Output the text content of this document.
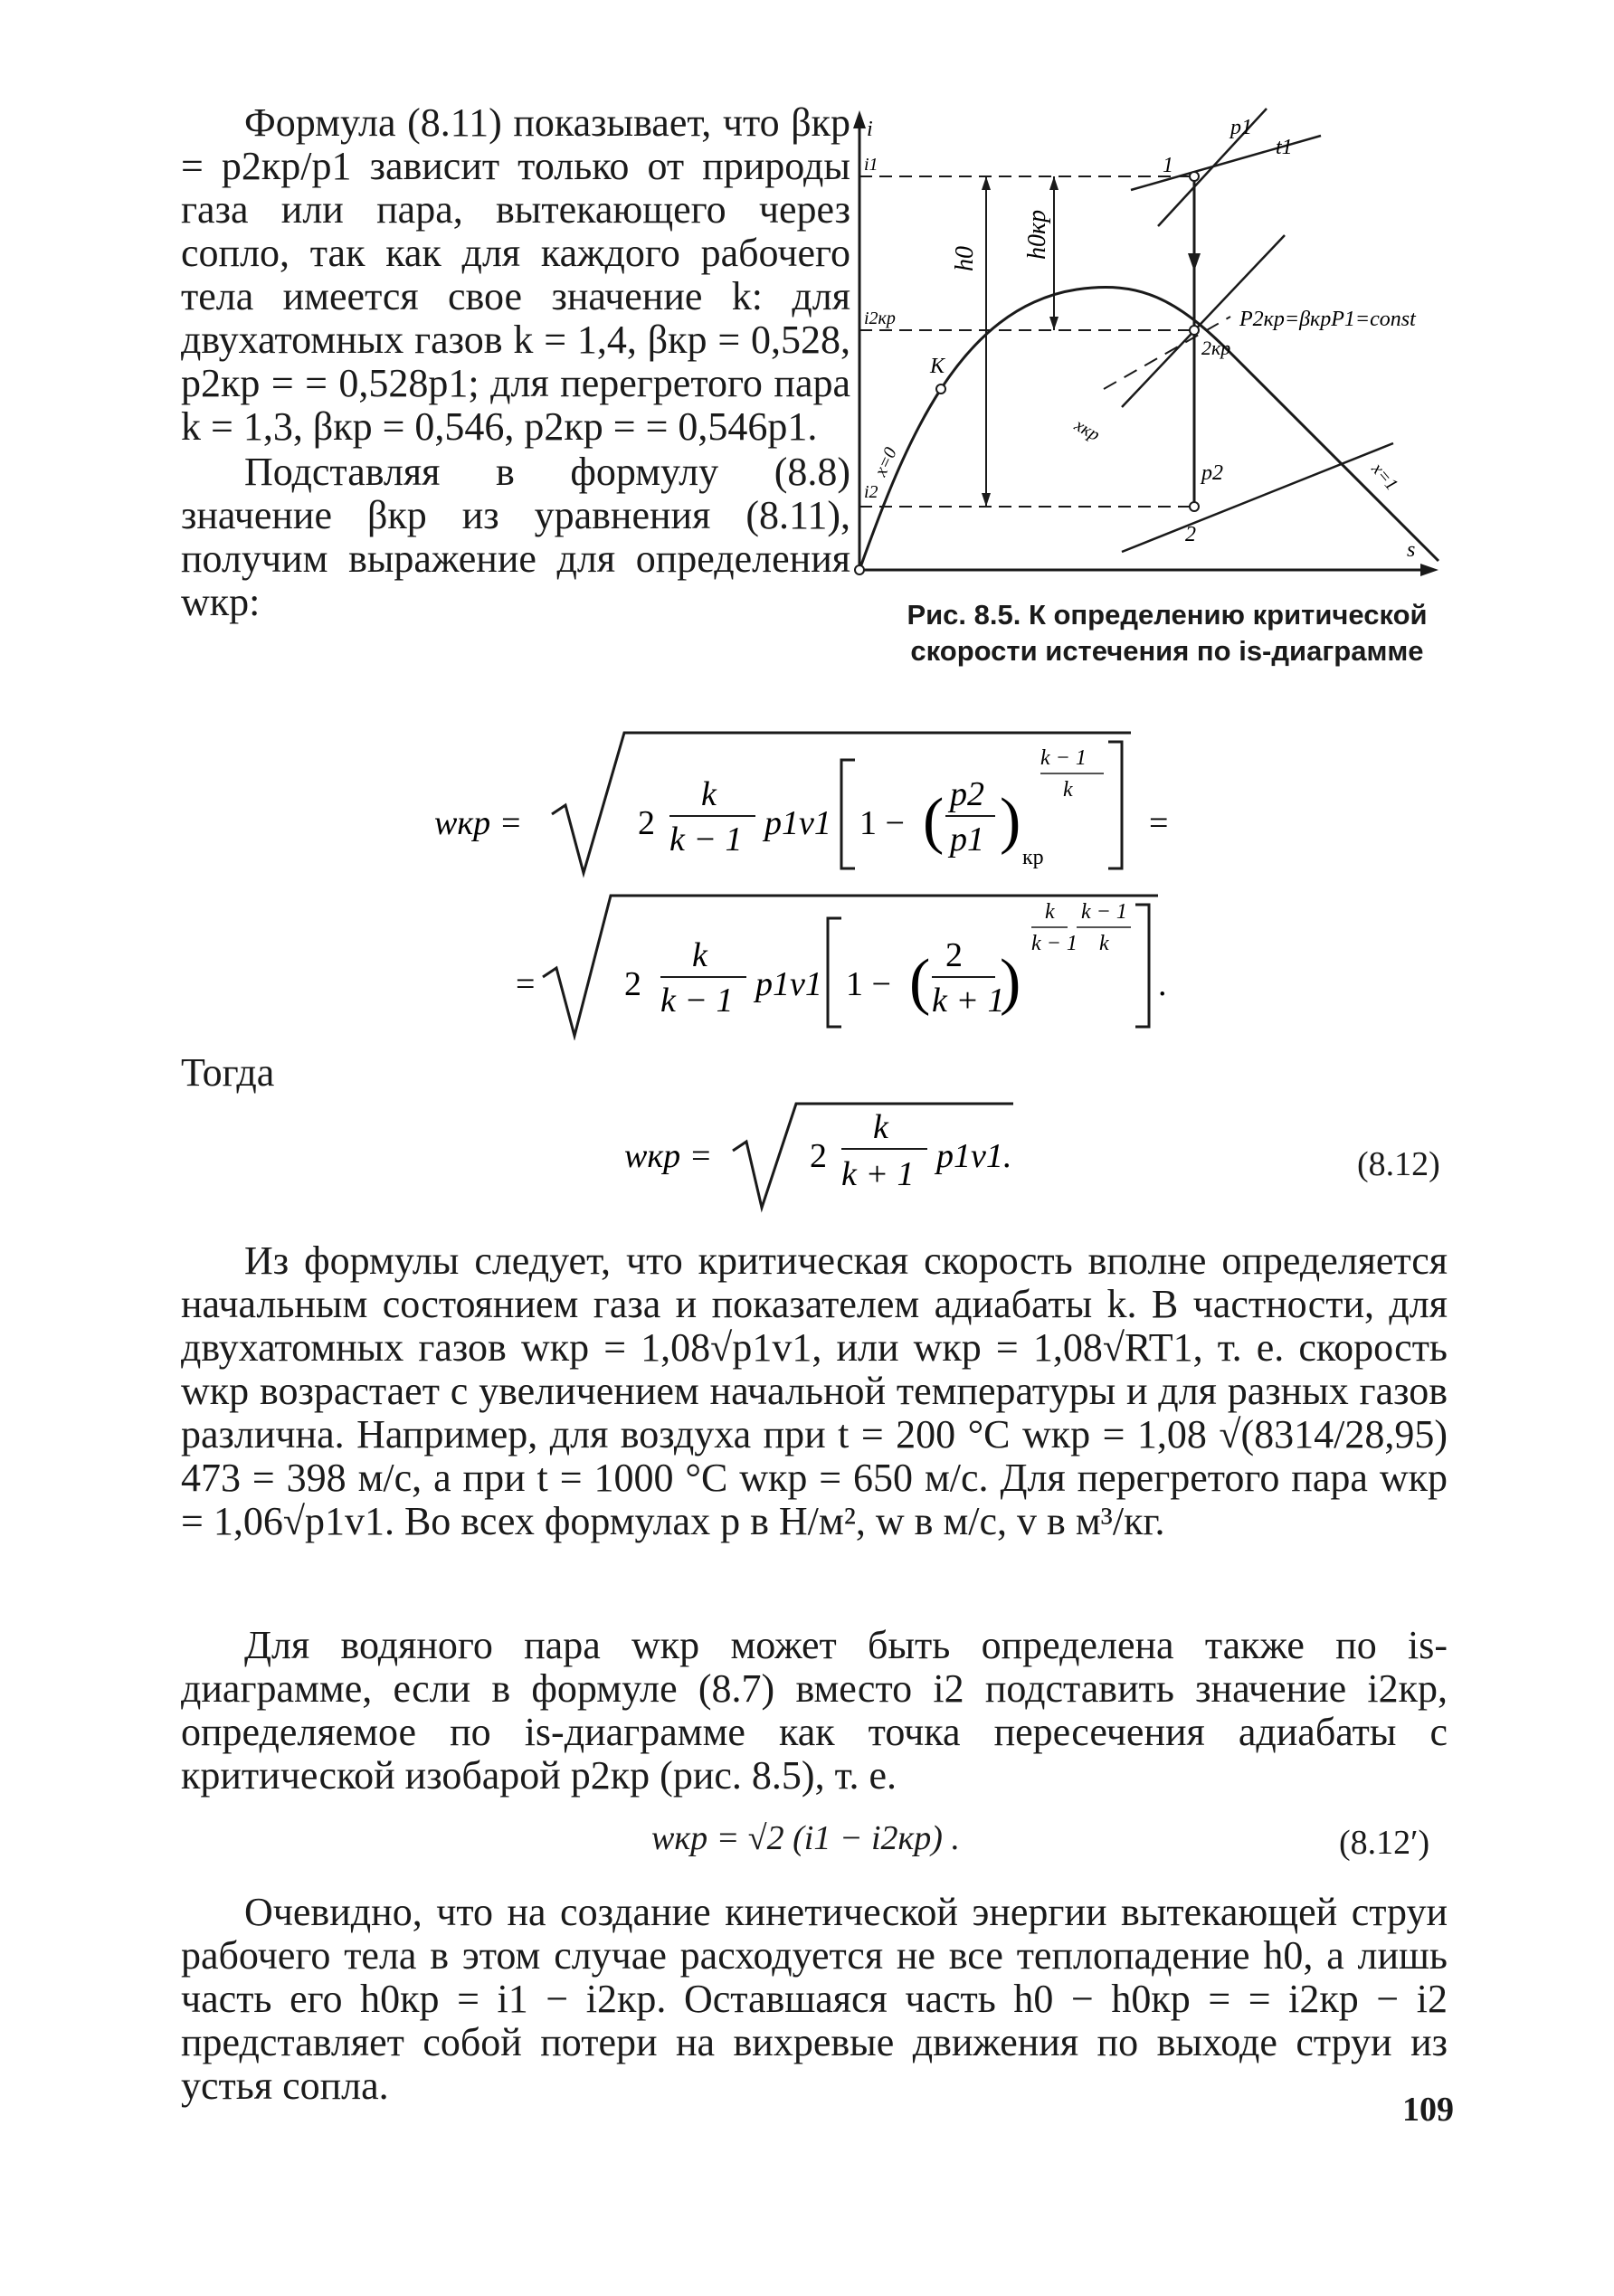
Формула (8.11) показывает, что βкр = p2кр/p1 зависит только от природы газа или пара, вытекающего через сопло, так как для каждого рабочего тела имеется свое значение k: для двухатомных газов k = 1,4, βкр = 0,528, p2кр = = 0,528p1; для перегретого пара k = 1,3, βкр = 0,546, p2кр = = 0,546p1.

Подставляя в формулу (8.8) значение βкр из уравнения (8.11), получим выражение для определения wкр:

i
s
i1
i2кр
i2
h0 h0кр
K
x=0	x=1
p1
t1
1
2кр
2
p2
xкр
P2кр=βкрP1=const
Рис. 8.5. К определению критической скорости истечения по is-диаграмме
wкр =	2
k
k − 1 p1v1 1 − ( p2
p1 )
кр
k − 1
k
=
=	2
k
k − 1 p1v1 1 − ( 2
k + 1
)
k
k − 1
k − 1
k
.
Тогда
wкр =	2
k
k + 1 p1v1 .	(8.12)

Из формулы следует, что критическая скорость вполне определяется начальным состоянием газа и показателем адиабаты k. В частности, для двухатомных газов wкр = 1,08√p1v1, или wкр = 1,08√RT1, т. е. скорость wкр возрастает с увеличением начальной температуры и для разных газов различна. Например, для воздуха при t = 200 °С wкр = 1,08 √(8314/28,95) 473 = 398 м/с, а при t = 1000 °С wкр = 650 м/с. Для перегретого пара wкр = 1,06√p1v1. Во всех формулах p в Н/м², w в м/с, v в м³/кг.

Для водяного пара wкр может быть определена также по is-диаграмме, если в формуле (8.7) вместо i2 подставить значение i2кр, определяемое по is-диаграмме как точка пересечения адиабаты с критической изобарой p2кр (рис. 8.5), т. е.

wкр = √2 (i1 − i2кр) .	(8.12′)

Очевидно, что на создание кинетической энергии вытекающей струи рабочего тела в этом случае расходуется не все теплопадение h0, а лишь часть его h0кр = i1 − i2кр. Оставшаяся часть h0 − h0кр = = i2кр − i2 представляет собой потери на вихревые движения по выходе струи из устья сопла.

109
